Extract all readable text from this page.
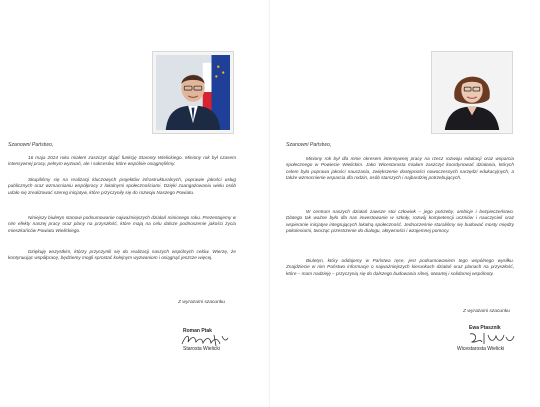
Szanowni Państwo,
16 maja 2024 roku miałem zaszczyt objąć funkcję Starosty Wielickiego. Miniony rok był czasem intensywnej pracy, pełnym wyzwań, ale i sukcesów, które wspólnie osiągnęliśmy.
Skupiliśmy się na realizacji kluczowych projektów infrastrukturalnych, poprawie jakości usług publicznych oraz wzmacnianiu współpracy z lokalnymi społecznościami. Dzięki zaangażowaniu wielu osób udało się zrealizować szereg inicjatyw, które przyczyniły się do rozwoju Naszego Powiatu.
Niniejszy biuletyn stanowi podsumowanie najważniejszych działań minionego roku. Prezentujemy w nim efekty naszej pracy oraz plany na przyszłość, które mają na celu dalsze podnoszenie jakości życia mieszkańców Powiatu Wielickiego.
Dziękuję wszystkim, którzy przyczynili się do realizacji naszych wspólnych celów. Wierzę, że kontynuując współpracę, będziemy mogli sprostać kolejnym wyzwaniom i osiągnąć jeszcze więcej.
Z wyrazami szacunku
Roman Ptak
Starosta Wielicki
Szanowni Państwo,
Miniony rok był dla mnie okresem intensywnej pracy na rzecz rozwoju edukacji oraz wsparcia społecznego w Powiecie Wielickim. Jako Wicestarosta miałam zaszczyt koordynować działania, których celem była poprawa jakości nauczania, zwiększenie dostępności nowoczesnych narzędzi edukacyjnych, a także wzmocnienie wsparcia dla rodzin, osób starszych i najbardziej potrzebujących.
W centrum naszych działań zawsze stoi człowiek – jego potrzeby, ambicje i bezpieczeństwo. Dlatego tak ważne było dla nas inwestowanie w szkoły, rozwój kompetencji uczniów i nauczycieli oraz wspieranie inicjatyw integrujących lokalną społeczność. Jednocześnie staraliśmy się budować mosty między pokoleniami, tworząc przestrzenie do dialogu, aktywności i wzajemnej pomocy.
Biuletyn, który oddajemy w Państwa ręce, jest podsumowaniem tego wspólnego wysiłku. Znajdziecie w nim Państwo informacje o najważniejszych kierunkach działań oraz planach na przyszłość, które – mam nadzieję – przyczynią się do dalszego budowania silnej, otwartej i solidarnej wspólnoty.
Z wyrazami szacunku
Ewa Ptasznik
Wicestarosta Wielicki
